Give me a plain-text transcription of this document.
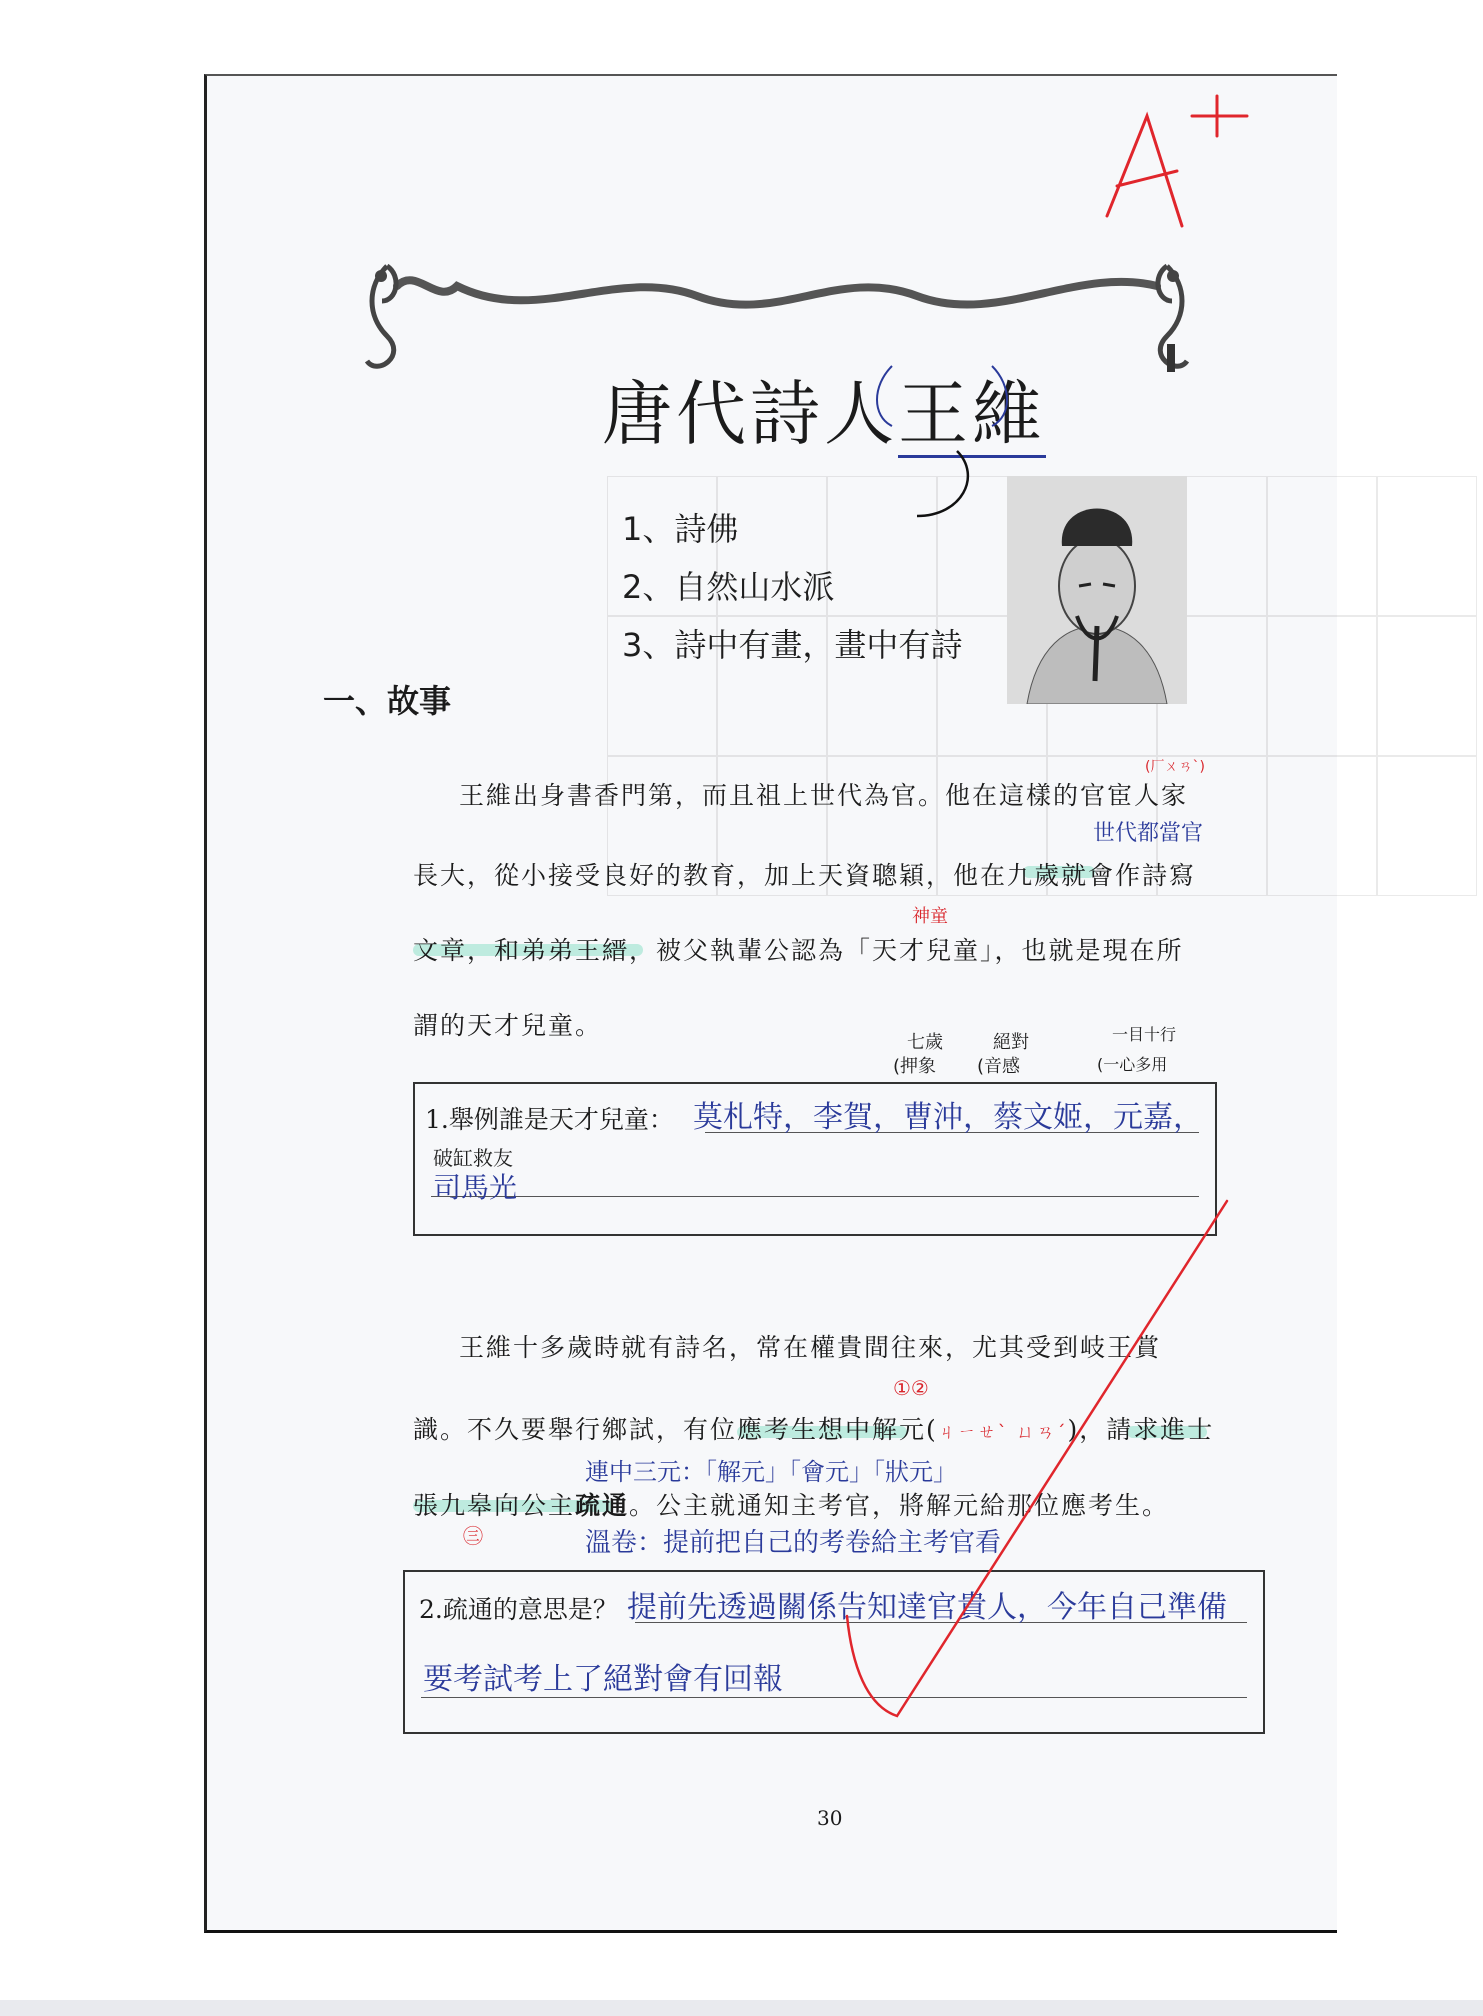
唐代詩人王維
1、詩佛
2、自然山水派
3、詩中有畫，畫中有詩
一、故事
(厂ㄨㄢˋ)
王維出身書香門第，而且祖上世代為官。他在這樣的官宦人家
世代都當官
長大，從小接受良好的教育，加上天資聰穎，他在九歲就會作詩寫
神童
文章，和弟弟王縉，被父執輩公認為「天才兒童」，也就是現在所
謂的天才兒童。
七歲
(押象
絕對
(音感
一目十行
(一心多用
1.舉例誰是天才兒童： 莫札特，李賀，曹沖，蔡文姬，元嘉，
破缸救友
司馬光
王維十多歲時就有詩名，常在權貴間往來，尤其受到岐王賞
①②
識。不久要舉行鄉試，有位應考生想中解元(ㄐㄧㄝˋ ㄩㄢˊ)，請求進士
連中三元：「解元」「會元」「狀元」
張九皋向公主疏通。公主就通知主考官，將解元給那位應考生。
㊂	溫卷：提前把自己的考卷給主考官看
2.疏通的意思是？ 提前先透過關係告知達官貴人，今年自己準備
要考試考上了絕對會有回報
30
